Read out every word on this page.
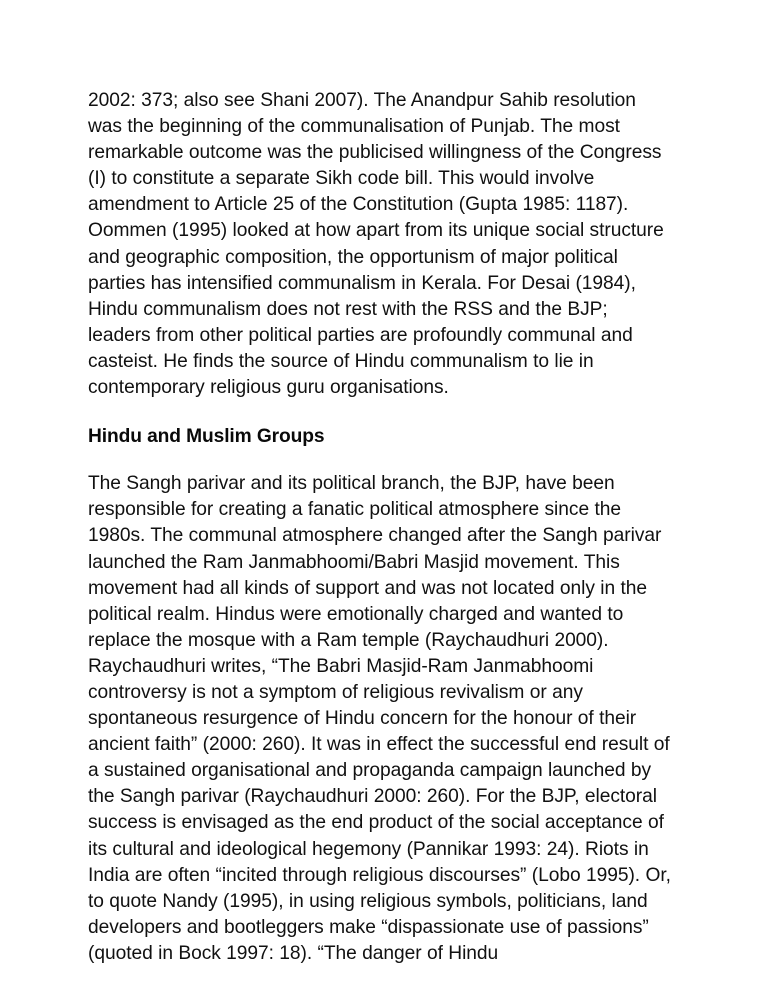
2002: 373; also see Shani 2007). The Anandpur Sahib resolution was the beginning of the communalisation of Punjab. The most remarkable outcome was the publicised willingness of the Congress (I) to constitute a separate Sikh code bill. This would involve amendment to Article 25 of the Constitution (Gupta 1985: 1187). Oommen (1995) looked at how apart from its unique social structure and geographic composition, the opportunism of major political parties has intensified communalism in Kerala. For Desai (1984), Hindu communalism does not rest with the RSS and the BJP; leaders from other political parties are profoundly communal and casteist. He finds the source of Hindu communalism to lie in contemporary religious guru organisations.

Hindu and Muslim Groups

The Sangh parivar and its political branch, the BJP, have been responsible for creating a fanatic political atmosphere since the 1980s. The communal atmosphere changed after the Sangh parivar launched the Ram Janmabhoomi/Babri Masjid movement. This movement had all kinds of support and was not located only in the political realm. Hindus were emotionally charged and wanted to replace the mosque with a Ram temple (Raychaudhuri 2000). Raychaudhuri writes, “The Babri Masjid-Ram Janmabhoomi controversy is not a symptom of religious revivalism or any spontaneous resurgence of Hindu concern for the honour of their ancient faith” (2000: 260). It was in effect the successful end result of a sustained organisational and propaganda campaign launched by the Sangh parivar (Raychaudhuri 2000: 260). For the BJP, electoral success is envisaged as the end product of the social acceptance of its cultural and ideological hegemony (Pannikar 1993: 24). Riots in India are often “incited through religious discourses” (Lobo 1995). Or, to quote Nandy (1995), in using religious symbols, politicians, land developers and bootleggers make “dispassionate use of passions” (quoted in Bock 1997: 18). “The danger of Hindu
